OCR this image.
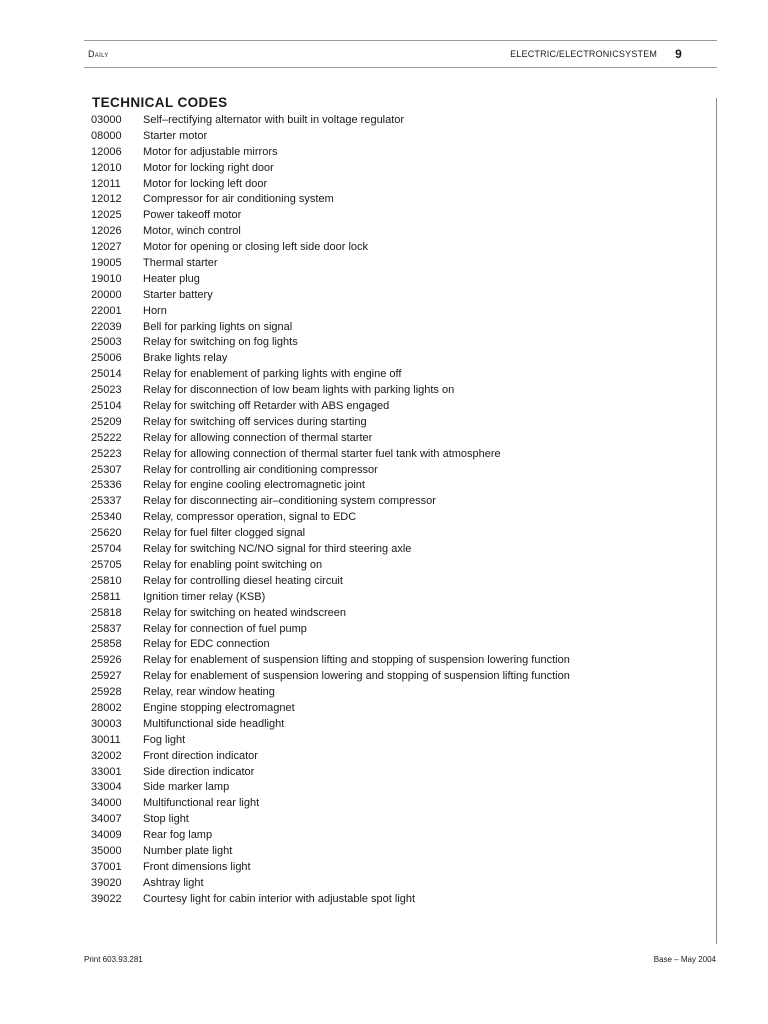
Daily	ELECTRIC/ELECTRONICSYSTEM 9
TECHNICAL CODES
03000	Self–rectifying alternator with built in voltage regulator
08000	Starter motor
12006	Motor for adjustable mirrors
12010	Motor for locking right door
12011	Motor for locking left door
12012	Compressor for air conditioning system
12025	Power takeoff motor
12026	Motor, winch control
12027	Motor for opening or closing left side door lock
19005	Thermal starter
19010	Heater plug
20000	Starter battery
22001	Horn
22039	Bell for parking lights on signal
25003	Relay for switching on fog lights
25006	Brake lights relay
25014	Relay for enablement of parking lights with engine off
25023	Relay for disconnection of low beam lights with parking lights on
25104	Relay for switching off Retarder with ABS engaged
25209	Relay for switching off services during starting
25222	Relay for allowing connection of thermal starter
25223	Relay for allowing connection of thermal starter fuel tank with atmosphere
25307	Relay for controlling air conditioning compressor
25336	Relay for engine cooling electromagnetic joint
25337	Relay for disconnecting air–conditioning system compressor
25340	Relay, compressor operation, signal to EDC
25620	Relay for fuel filter clogged signal
25704	Relay for switching NC/NO signal for third steering axle
25705	Relay for enabling point switching on
25810	Relay for controlling diesel heating circuit
25811	Ignition timer relay (KSB)
25818	Relay for switching on heated windscreen
25837	Relay for connection of fuel pump
25858	Relay for EDC connection
25926	Relay for enablement of suspension lifting and stopping of suspension lowering function
25927	Relay for enablement of suspension lowering and stopping of suspension lifting function
25928	Relay, rear window heating
28002	Engine stopping electromagnet
30003	Multifunctional side headlight
30011	Fog light
32002	Front direction indicator
33001	Side direction indicator
33004	Side marker lamp
34000	Multifunctional rear light
34007	Stop light
34009	Rear fog lamp
35000	Number plate light
37001	Front dimensions light
39020	Ashtray light
39022	Courtesy light for cabin interior with adjustable spot light
Print 603.93.281	Base – May 2004
